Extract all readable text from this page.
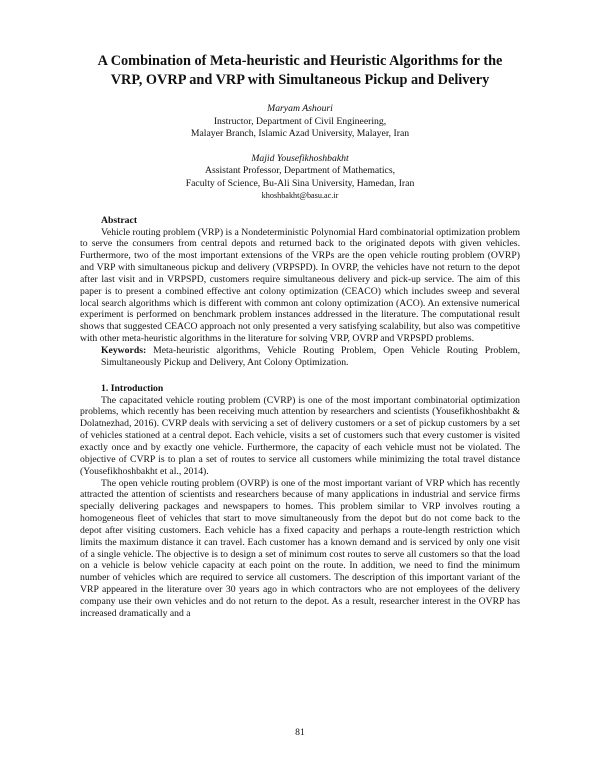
A Combination of Meta-heuristic and Heuristic Algorithms for the
VRP, OVRP and VRP with Simultaneous Pickup and Delivery

Maryam Ashouri
Instructor, Department of Civil Engineering,
Malayer Branch, Islamic Azad University, Malayer, Iran
Majid Yousefikhoshbakht
Assistant Professor, Department of Mathematics,
Faculty of Science, Bu-Ali Sina University, Hamedan, Iran
khoshbakht@basu.ac.ir
Abstract

Vehicle routing problem (VRP) is a Nondeterministic Polynomial Hard combinatorial optimization problem to serve the consumers from central depots and returned back to the originated depots with given vehicles. Furthermore, two of the most important extensions of the VRPs are the open vehicle routing problem (OVRP) and VRP with simultaneous pickup and delivery (VRPSPD). In OVRP, the vehicles have not return to the depot after last visit and in VRPSPD, customers require simultaneous delivery and pick-up service. The aim of this paper is to present a combined effective ant colony optimization (CEACO) which includes sweep and several local search algorithms which is different with common ant colony optimization (ACO). An extensive numerical experiment is performed on benchmark problem instances addressed in the literature. The computational result shows that suggested CEACO approach not only presented a very satisfying scalability, but also was competitive with other meta-heuristic algorithms in the literature for solving VRP, OVRP and VRPSPD problems.

Keywords: Meta-heuristic algorithms, Vehicle Routing Problem, Open Vehicle Routing Problem, Simultaneously Pickup and Delivery, Ant Colony Optimization.

1. Introduction

The capacitated vehicle routing problem (CVRP) is one of the most important combinatorial optimization problems, which recently has been receiving much attention by researchers and scientists (Yousefikhoshbakht & Dolatnezhad, 2016). CVRP deals with servicing a set of delivery customers or a set of pickup customers by a set of vehicles stationed at a central depot. Each vehicle, visits a set of customers such that every customer is visited exactly once and by exactly one vehicle. Furthermore, the capacity of each vehicle must not be violated. The objective of CVRP is to plan a set of routes to service all customers while minimizing the total travel distance (Yousefikhoshbakht et al., 2014).

The open vehicle routing problem (OVRP) is one of the most important variant of VRP which has recently attracted the attention of scientists and researchers because of many applications in industrial and service firms specially delivering packages and newspapers to homes. This problem similar to VRP involves routing a homogeneous fleet of vehicles that start to move simultaneously from the depot but do not come back to the depot after visiting customers. Each vehicle has a fixed capacity and perhaps a route-length restriction which limits the maximum distance it can travel. Each customer has a known demand and is serviced by only one visit of a single vehicle. The objective is to design a set of minimum cost routes to serve all customers so that the load on a vehicle is below vehicle capacity at each point on the route. In addition, we need to find the minimum number of vehicles which are required to service all customers. The description of this important variant of the VRP appeared in the literature over 30 years ago in which contractors who are not employees of the delivery company use their own vehicles and do not return to the depot. As a result, researcher interest in the OVRP has increased dramatically and a

81
